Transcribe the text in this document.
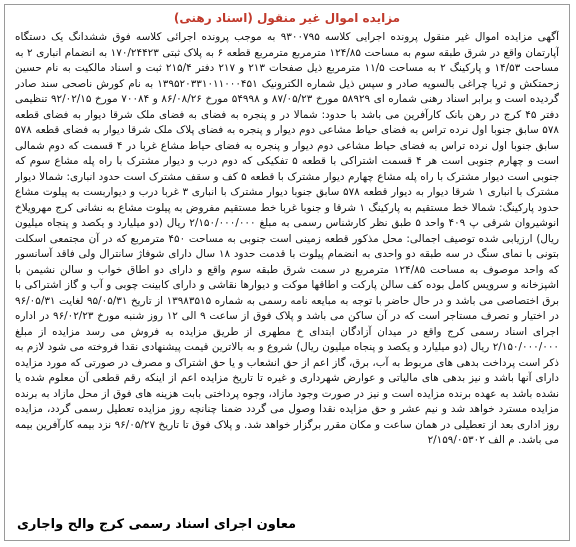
مزایده اموال غیر منقول (اسناد رهنی)
آگهی مزایده اموال غیر منقول پرونده اجرایی کلاسه ۹۳۰۰۷۹۵ به موجب پرونده اجرائی کلاسه فوق ششدانگ یک دستگاه آپارتمان واقع در شرق طبقه سوم به مساحت ۱۲۴/۸۵ مترمربع مترمربع قطعه ۶ به پلاک ثبتی ۱۷۰/۲۴۴۲۳ به انضمام انباری ۲ به مساحت ۱۴/۵۳ و پارکینگ ۲ به مساحت ۱۱/۵ مترمربع ذیل صفحات ۲۱۳ و ۲۱۷ دفتر ۲۱۵/۴ ثبت و اسناد مالکیت به نام حسین زحمتکش و ثریا چراغی بالسویه صادر و سپس ذیل شماره الکترونیک ۱۳۹۵۲۰۳۳۱۰۱۱۰۰۰۴۵۱ به نام کورش ناصحی سند صادر گردیده است و برابر اسناد رهنی شماره ای ۵۸۹۲۹ مورخ ۸۷/۰۵/۲۳ و ۵۴۹۹۸ مورخ ۸۶/۰۸/۲۶ و ۷۰۰۸۴ مورخ ۹۲/۰۲/۱۵ تنظیمی دفتر ۴۵ کرج در رهن بانک کارآفرین می باشد با حدود: شمالا در و پنجره به فضای به فضای ملک شرقا دیوار به فضای قطعه ۵۷۸ سابق جنوبا اول نرده تراس به فضای حیاط مشاعی دوم دیوار و پنجره به فضای پلاک ملک شرقا دیوار به فضای قطعه ۵۷۸ سابق جنوبا اول نرده تراس به فضای حیاط مشاعی دوم دیوار و پنجره به فضای حیاط مشاع غربا در ۴ قسمت که دوم شمالی است و چهارم جنوبی است هر ۴ قسمت اشتراکی با قطعه ۵ تفکیکی که دوم درب و دیوار مشترک با راه پله مشاع سوم که جنوبی است دیوار مشترک با راه پله مشاع چهارم دیوار مشترک با قطعه ۵ کف و سقف مشترک است حدود انباری: شمالا دیوار مشترک با انباری ۱ شرقا دیوار به دیوار قطعه ۵۷۸ سابق جنوبا دیوار مشترک با انباری ۳ غربا درب و دیواربست به پیلوت مشاع حدود پارکینگ: شمالا خط مستقیم به پارکینگ ۱ شرقا و جنوبا غربا خط مستقیم مفروض به پیلوت مشاع به نشانی کرج مهرویلاخ انوشیروان شرقی پ ۴۰۹ واحد ۵ طبق نظر کارشناس رسمی به مبلغ ۲/۱۵۰/۰۰۰/۰۰۰ ریال (دو میلیارد و یکصد و پنجاه میلیون ریال) ارزیابی شده توصیف اجمالی: محل مذکور قطعه زمینی است جنوبی به مساحت ۴۵۰ مترمربع که در آن مجتمعی اسکلت بتونی با نمای سنگ در سه طبقه دو واحدی به انضمام پیلوت با قدمت حدود ۱۸ سال دارای شوفاژ سانترال ولی فاقد آسانسور که واحد موصوف به مساحت ۱۲۴/۸۵ مترمربع در سمت شرق طبقه سوم واقع و دارای دو اطاق خواب و سالن نشیمن با اشپزخانه و سرویس کامل بوده کف سالن پارکت و اطاقها موکت و دیوارها نقاشی و دارای کابینت چوبی و آب و گاز اشتراکی با برق اختصاصی می باشد و در حال حاضر با توجه به مبایعه نامه رسمی به شماره ۱۳۹۸۳۵۱۵ از تاریخ ۹۵/۰۵/۳۱ لغایت ۹۶/۰۵/۳۱ در اختیار و تصرف مستاجر است که در آن ساکن می باشد و پلاک فوق از ساعت ۹ الی ۱۲ روز شنبه مورخ ۹۶/۰۲/۲۳ در اداره اجرای اسناد رسمی کرج واقع در میدان آزادگان ابتدای خ مطهری از طریق مزایده به فروش می رسد مزایده از مبلغ ۲/۱۵۰/۰۰۰/۰۰۰ ریال (دو میلیارد و یکصد و پنجاه میلیون ریال) شروع و به بالاترین قیمت پیشنهادی نقدا فروخته می شود لازم به ذکر است پرداخت بدهی های مربوط به آب، برق، گاز اعم از حق انشعاب و یا حق اشتراک و مصرف در صورتی که مورد مزایده دارای آنها باشد و نیز بدهی های مالیاتی و عوارض شهرداری و غیره تا تاریخ مزایده اعم از اینکه رقم قطعی آن معلوم شده یا نشده باشد به عهده برنده مزایده است و نیز در صورت وجود مازاد، وجوه پرداختی بابت هزینه های فوق از محل مازاد به برنده مزایده مسترد خواهد شد و نیم عشر و حق مزایده نقدا وصول می گردد ضمنا چنانچه روز مزایده تعطیل رسمی گردد، مزایده روز اداری بعد از تعطیلی در همان ساعت و مکان مقرر برگزار خواهد شد. و پلاک فوق تا تاریخ ۹۶/۰۵/۲۷ نزد بیمه کارآفرین بیمه می باشد. م الف ۲/۱۵۹/۰۵۳۰۲
معاون اجرای اسناد رسمی کرج والح واجاری
